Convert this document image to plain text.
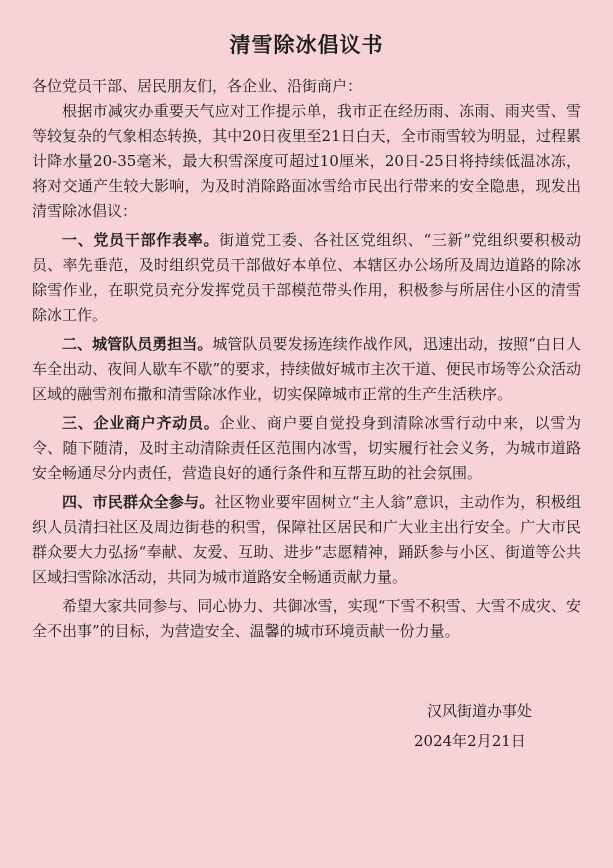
清雪除冰倡议书

各位党员干部、居民朋友们，各企业、沿街商户：

根据市减灾办重要天气应对工作提示单，我市正在经历雨、冻雨、雨夹雪、雪等较复杂的气象相态转换，其中20日夜里至21日白天，全市雨雪较为明显，过程累计降水量20-35毫米，最大积雪深度可超过10厘米，20日-25日将持续低温冰冻，将对交通产生较大影响，为及时消除路面冰雪给市民出行带来的安全隐患，现发出清雪除冰倡议：

一、党员干部作表率。街道党工委、各社区党组织、“三新”党组织要积极动员、率先垂范，及时组织党员干部做好本单位、本辖区办公场所及周边道路的除冰除雪作业，在职党员充分发挥党员干部模范带头作用，积极参与所居住小区的清雪除冰工作。

二、城管队员勇担当。城管队员要发扬连续作战作风，迅速出动，按照“白日人车全出动、夜间人歇车不歇”的要求，持续做好城市主次干道、便民市场等公众活动区域的融雪剂布撒和清雪除冰作业，切实保障城市正常的生产生活秩序。

三、企业商户齐动员。企业、商户要自觉投身到清除冰雪行动中来，以雪为令、随下随清，及时主动清除责任区范围内冰雪，切实履行社会义务，为城市道路安全畅通尽分内责任，营造良好的通行条件和互帮互助的社会氛围。

四、市民群众全参与。社区物业要牢固树立“主人翁”意识，主动作为，积极组织人员清扫社区及周边街巷的积雪，保障社区居民和广大业主出行安全。广大市民群众要大力弘扬“奉献、友爱、互助、进步”志愿精神，踊跃参与小区、街道等公共区域扫雪除冰活动，共同为城市道路安全畅通贡献力量。

希望大家共同参与、同心协力、共御冰雪，实现“下雪不积雪、大雪不成灾、安全不出事”的目标，为营造安全、温馨的城市环境贡献一份力量。

汉风街道办事处
2024年2月21日
